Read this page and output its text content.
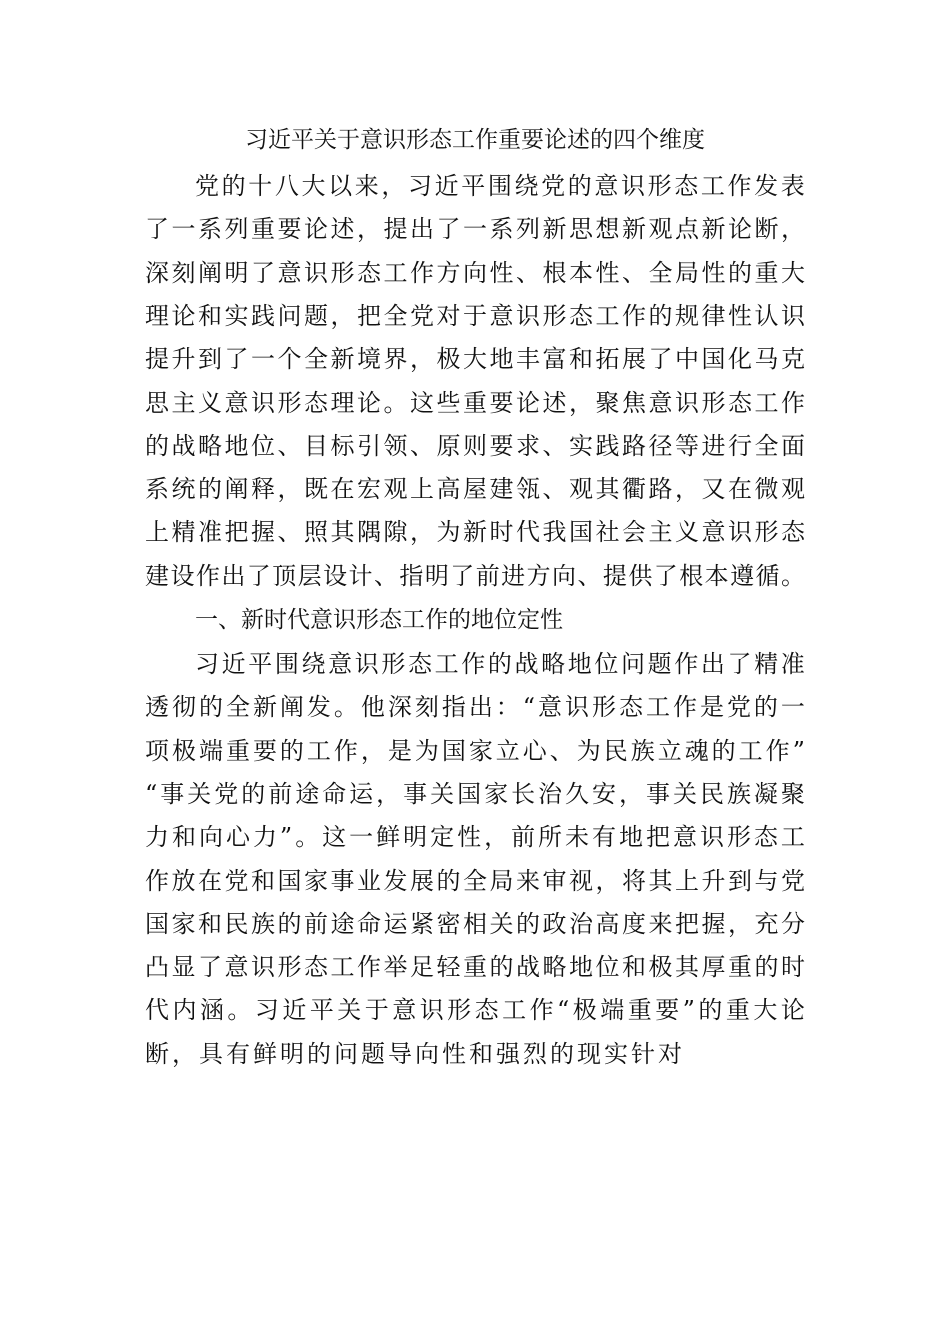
习近平关于意识形态工作重要论述的四个维度
党 的 十 八 大 以 来 ， 习 近 平 围 绕 党 的 意 识 形 态 工 作 发 表
了 一 系 列 重 要 论 述 ， 提 出 了 一 系 列 新 思 想 新 观 点 新 论 断 ，
深 刻 阐 明 了 意 识 形 态 工 作 方 向 性 、 根 本 性 、 全 局 性 的 重 大
理 论 和 实 践 问 题 ， 把 全 党 对 于 意 识 形 态 工 作 的 规 律 性 认 识
提 升 到 了 一 个 全 新 境 界 ， 极 大 地 丰 富 和 拓 展 了 中 国 化 马 克
思 主 义 意 识 形 态 理 论 。 这 些 重 要 论 述 ， 聚 焦 意 识 形 态 工 作
的 战 略 地 位 、 目 标 引 领 、 原 则 要 求 、 实 践 路 径 等 进 行 全 面
系 统 的 阐 释 ， 既 在 宏 观 上 高 屋 建 瓴 、 观 其 衢 路 ， 又 在 微 观
上 精 准 把 握 、 照 其 隅 隙 ， 为 新 时 代 我 国 社 会 主 义 意 识 形 态
建 设 作 出 了 顶 层 设 计 、 指 明 了 前 进 方 向 、 提 供 了 根 本 遵 循 。
一、新时代意识形态工作的地位定性
习 近 平 围 绕 意 识 形 态 工 作 的 战 略 地 位 问 题 作 出 了 精 准
透 彻 的 全 新 阐 发 。 他 深 刻 指 出 ： “ 意 识 形 态 工 作 是 党 的 一
项 极 端 重 要 的 工 作 ， 是 为 国 家 立 心 、 为 民 族 立 魂 的 工 作 ”
“ 事 关 党 的 前 途 命 运 ， 事 关 国 家 长 治 久 安 ， 事 关 民 族 凝 聚
力 和 向 心 力 ” 。 这 一 鲜 明 定 性 ， 前 所 未 有 地 把 意 识 形 态 工
作 放 在 党 和 国 家 事 业 发 展 的 全 局 来 审 视 ， 将 其 上 升 到 与 党
国 家 和 民 族 的 前 途 命 运 紧 密 相 关 的 政 治 高 度 来 把 握 ， 充 分
凸 显 了 意 识 形 态 工 作 举 足 轻 重 的 战 略 地 位 和 极 其 厚 重 的 时
代 内 涵 。 习 近 平 关 于 意 识 形 态 工 作 “ 极 端 重 要 ” 的 重 大 论
断 ， 具 有 鲜 明 的 问 题 导 向 性 和 强 烈 的 现 实 针 对
